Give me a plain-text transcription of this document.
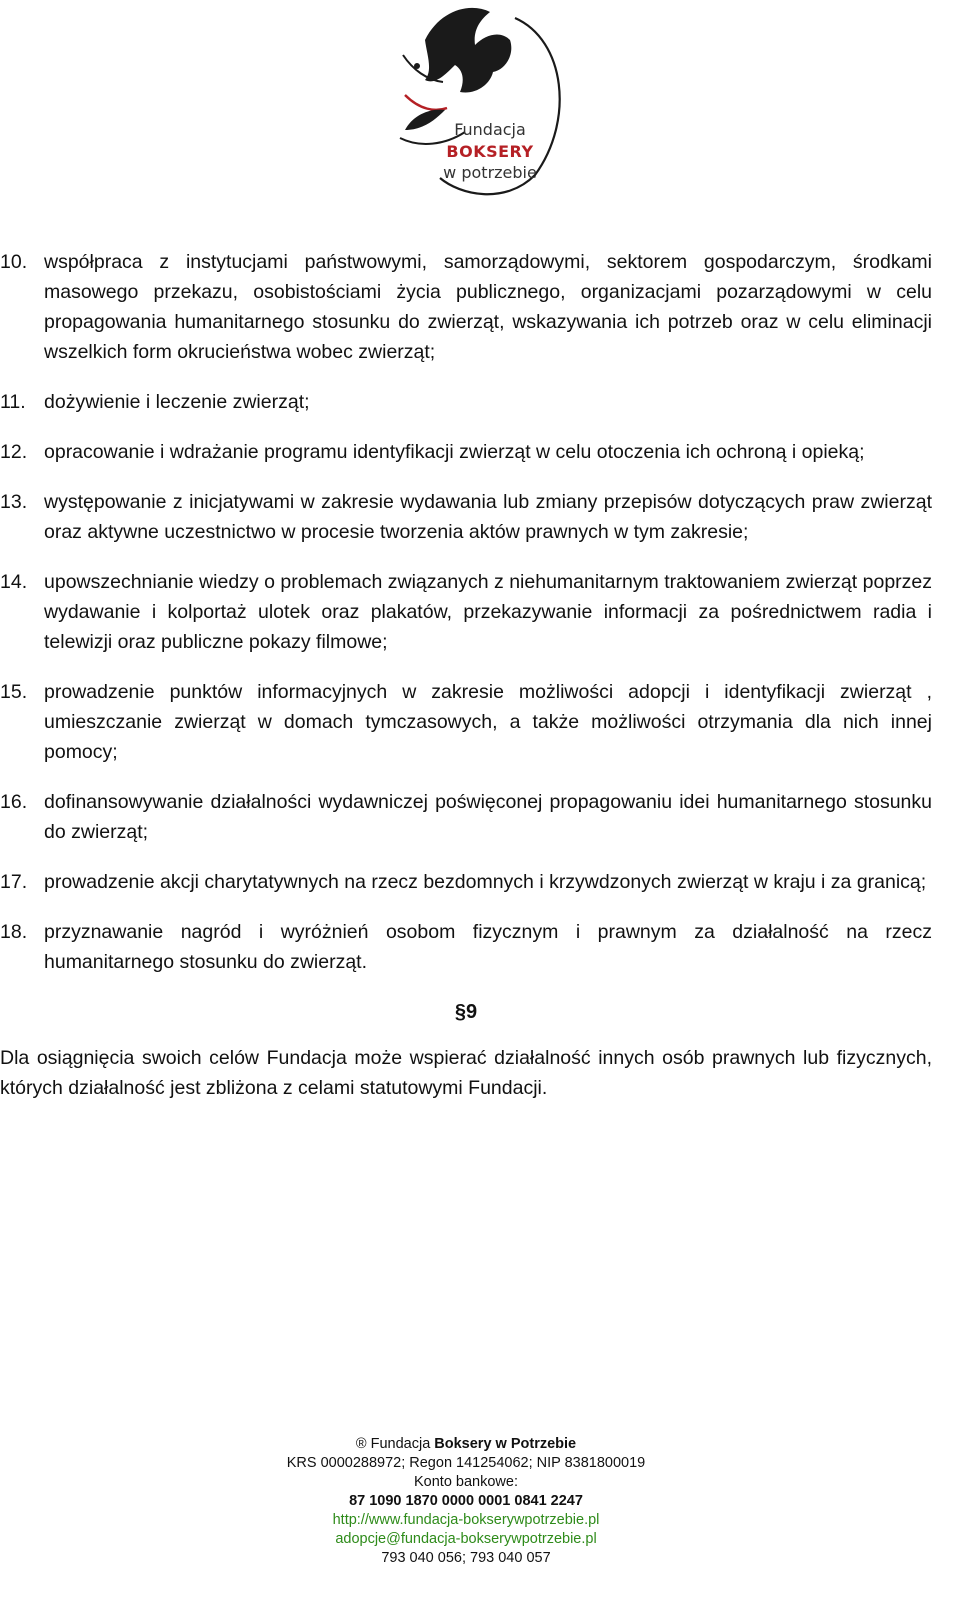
Fundacja
BOKSERY
w potrzebie
10. współpraca z instytucjami państwowymi, samorządowymi, sektorem gospodarczym, środkami masowego przekazu, osobistościami życia publicznego, organizacjami pozarządowymi w celu propagowania humanitarnego stosunku do zwierząt, wskazywania ich potrzeb oraz w celu eliminacji wszelkich form okrucieństwa wobec zwierząt;
11. dożywienie i leczenie zwierząt;
12. opracowanie i wdrażanie programu identyfikacji zwierząt w celu otoczenia ich ochroną i opieką;
13. występowanie z inicjatywami w zakresie wydawania lub zmiany przepisów dotyczących praw zwierząt oraz aktywne uczestnictwo w procesie tworzenia aktów prawnych w tym zakresie;
14. upowszechnianie wiedzy o problemach związanych z niehumanitarnym traktowaniem zwierząt poprzez wydawanie i kolportaż ulotek oraz plakatów, przekazywanie informacji za pośrednictwem radia i telewizji oraz publiczne pokazy filmowe;
15. prowadzenie punktów informacyjnych w zakresie możliwości adopcji i identyfikacji zwierząt , umieszczanie zwierząt w domach tymczasowych, a także możliwości otrzymania dla nich innej pomocy;
16. dofinansowywanie działalności wydawniczej poświęconej propagowaniu idei humanitarnego stosunku do zwierząt;
17. prowadzenie akcji charytatywnych na rzecz bezdomnych i krzywdzonych zwierząt w kraju i za granicą;
18. przyznawanie nagród i wyróżnień osobom fizycznym i prawnym za działalność na rzecz humanitarnego stosunku do zwierząt.
§9
Dla osiągnięcia swoich celów Fundacja może wspierać działalność innych osób prawnych lub fizycznych, których działalność jest zbliżona z celami statutowymi Fundacji.
® Fundacja Boksery w Potrzebie
KRS 0000288972; Regon 141254062; NIP 8381800019
Konto bankowe:
87 1090 1870 0000 0001 0841 2247
http://www.fundacja-bokserywpotrzebie.pl
adopcje@fundacja-bokserywpotrzebie.pl
793 040 056; 793 040 057
